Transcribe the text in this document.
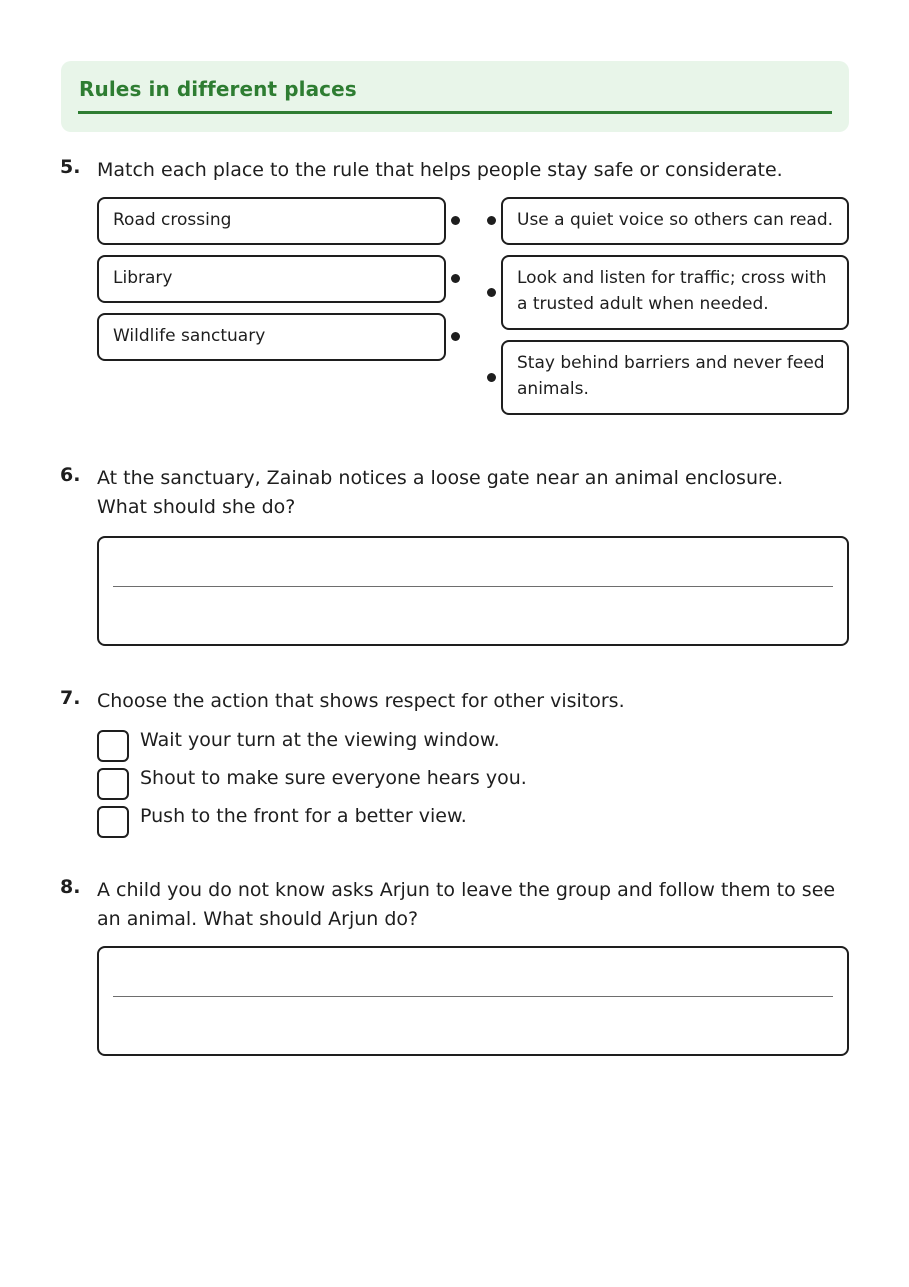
Rules in different places
5. Match each place to the rule that helps people stay safe or considerate.
Road crossing
Library
Wildlife sanctuary
Use a quiet voice so others can read.
Look and listen for traffic; cross with a trusted adult when needed.
Stay behind barriers and never feed animals.
6. At the sanctuary, Zainab notices a loose gate near an animal enclosure. What should she do?
7. Choose the action that shows respect for other visitors.
Wait your turn at the viewing window.
Shout to make sure everyone hears you.
Push to the front for a better view.
8. A child you do not know asks Arjun to leave the group and follow them to see an animal. What should Arjun do?
